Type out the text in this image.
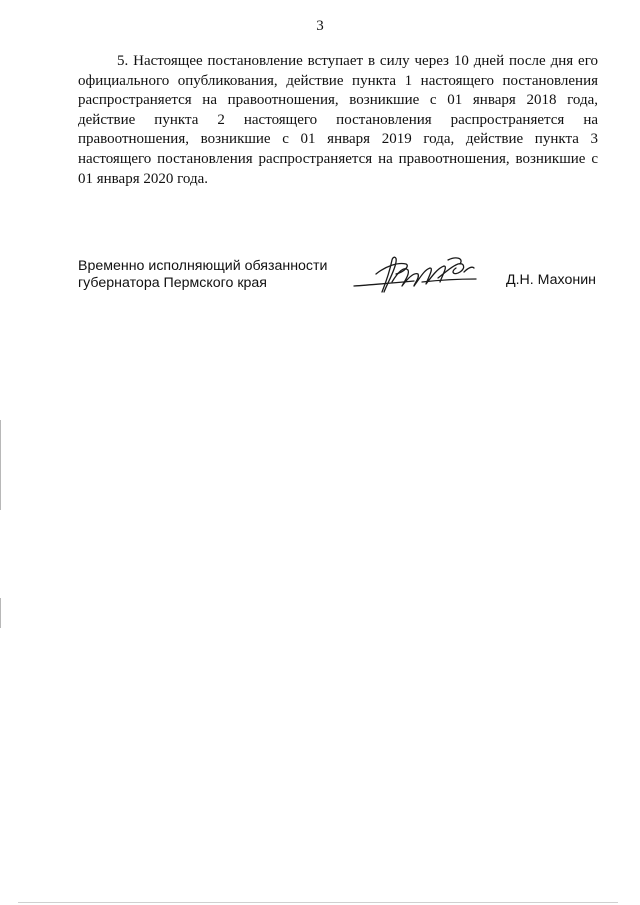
3

5. Настоящее постановление вступает в силу через 10 дней после дня его официального опубликования, действие пункта 1 настоящего постановления распространяется на правоотношения, возникшие с 01 января 2018 года, действие пункта 2 настоящего постановления распространяется на правоотношения, возникшие с 01 января 2019 года, действие пункта 3 настоящего постановления распространяется на правоотношения, возникшие с 01 января 2020 года.

Временно исполняющий обязанности
губернатора Пермского края	Д.Н. Махонин
